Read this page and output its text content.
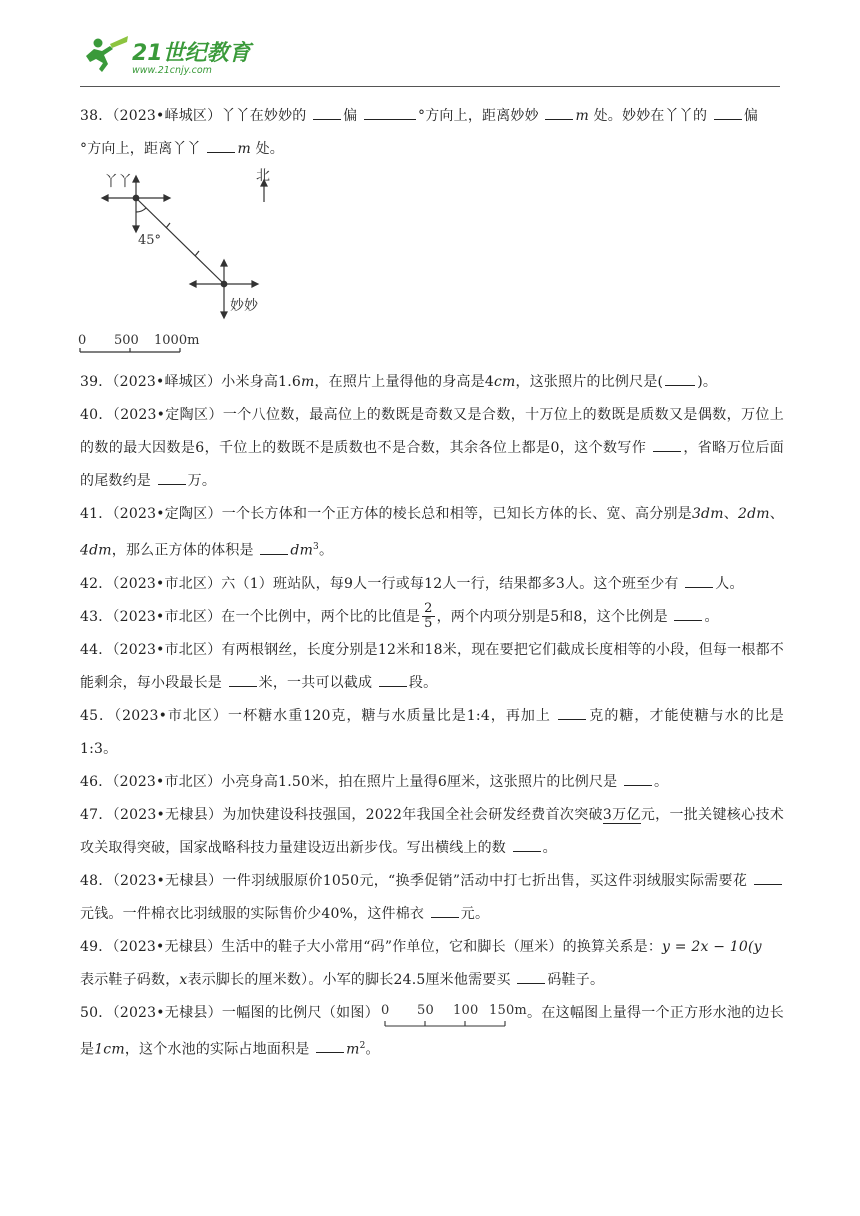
21世纪教育
www.21cnjy.com

38．（2023•峄城区）丫丫在妙妙的 偏	°方向上，距离妙妙 m 处。妙妙在丫丫的 偏
°方向上，距离丫丫 m 处。

丫丫
妙妙
北
45°
0 500 1000m

39．（2023•峄城区）小米身高1.6m，在照片上量得他的身高是4cm，这张照片的比例尺是( )。

40．（2023•定陶区）一个八位数，最高位上的数既是奇数又是合数，十万位上的数既是质数又是偶数，万位上的数的最大因数是6，千位上的数既不是质数也不是合数，其余各位上都是0，这个数写作 ，省略万位后面的尾数约是 万。

41．（2023•定陶区）一个长方体和一个正方体的棱长总和相等，已知长方体的长、宽、高分别是3dm、2dm、4dm，那么正方体的体积是 $dm^3$。

42．（2023•市北区）六（1）班站队，每9人一行或每12人一行，结果都多3人。这个班至少有 人。

43．（2023•市北区）在一个比例中，两个比的比值是 $\frac{2}{5}$ ，两个内项分别是5和8，这个比例是 。

44．（2023•市北区）有两根钢丝，长度分别是12米和18米，现在要把它们截成长度相等的小段，但每一根都不能剩余，每小段最长是 米，一共可以截成 段。

45．（2023•市北区）一杯糖水重120克，糖与水质量比是1:4，再加上 克的糖，才能使糖与水的比是1:3。

46．（2023•市北区）小亮身高1.50米，拍在照片上量得6厘米，这张照片的比例尺是 。

47．（2023•无棣县）为加快建设科技强国，2022年我国全社会研发经费首次突破3万亿元，一批关键核心技术攻关取得突破，国家战略科技力量建设迈出新步伐。写出横线上的数 。

48．（2023•无棣县）一件羽绒服原价1050元，“换季促销”活动中打七折出售，买这件羽绒服实际需要花 元钱。一件棉衣比羽绒服的实际售价少40%，这件棉衣 元。

49．（2023•无棣县）生活中的鞋子大小常用“码”作单位，它和脚长（厘米）的换算关系是：y = 2x − 10(y
表示鞋子码数，x表示脚长的厘米数）。小军的脚长24.5厘米他需要买 码鞋子。

50．（2023•无棣县）一幅图的比例尺（如图） 0 50 100 150m 。在这幅图上量得一个正方形水池的边长是1cm，这个水池的实际占地面积是 $m^2$。
